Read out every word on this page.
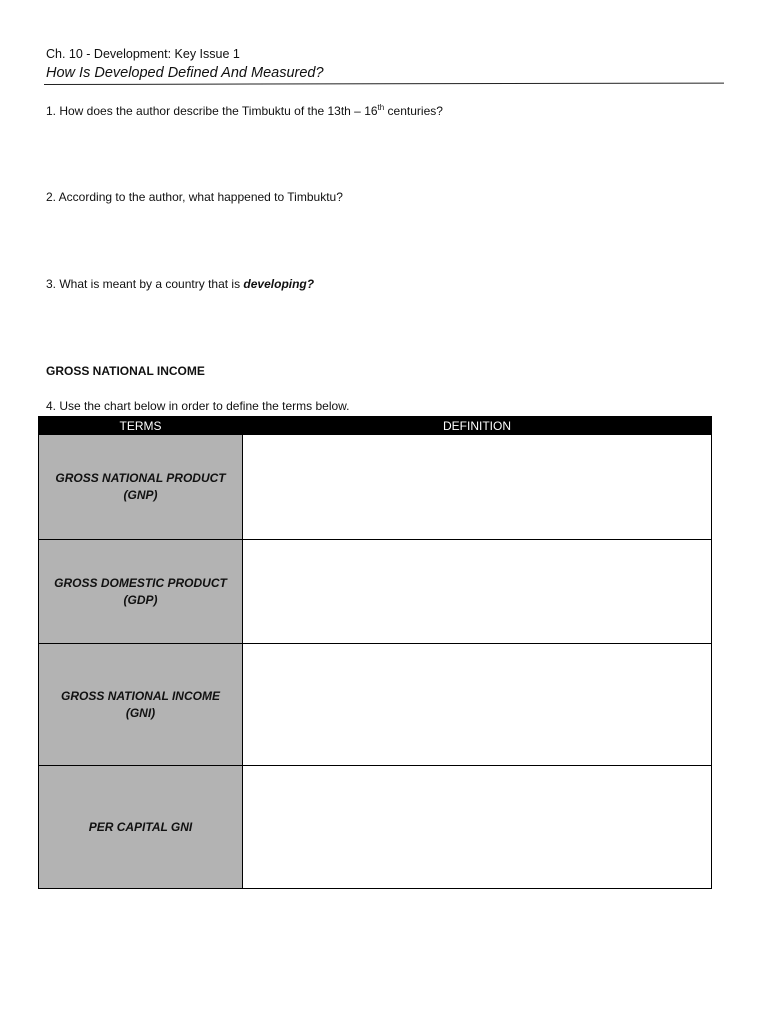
Ch. 10 - Development: Key Issue 1
How Is Developed Defined And Measured?
1. How does the author describe the Timbuktu of the 13th – 16th centuries?
2. According to the author, what happened to Timbuktu?
3. What is meant by a country that is developing?
GROSS NATIONAL INCOME
4. Use the chart below in order to define the terms below.
TERMS	DEFINITION

GROSS NATIONAL PRODUCT
(GNP)	

GROSS DOMESTIC PRODUCT
(GDP)	

GROSS NATIONAL INCOME
(GNI)	

PER CAPITAL GNI	
